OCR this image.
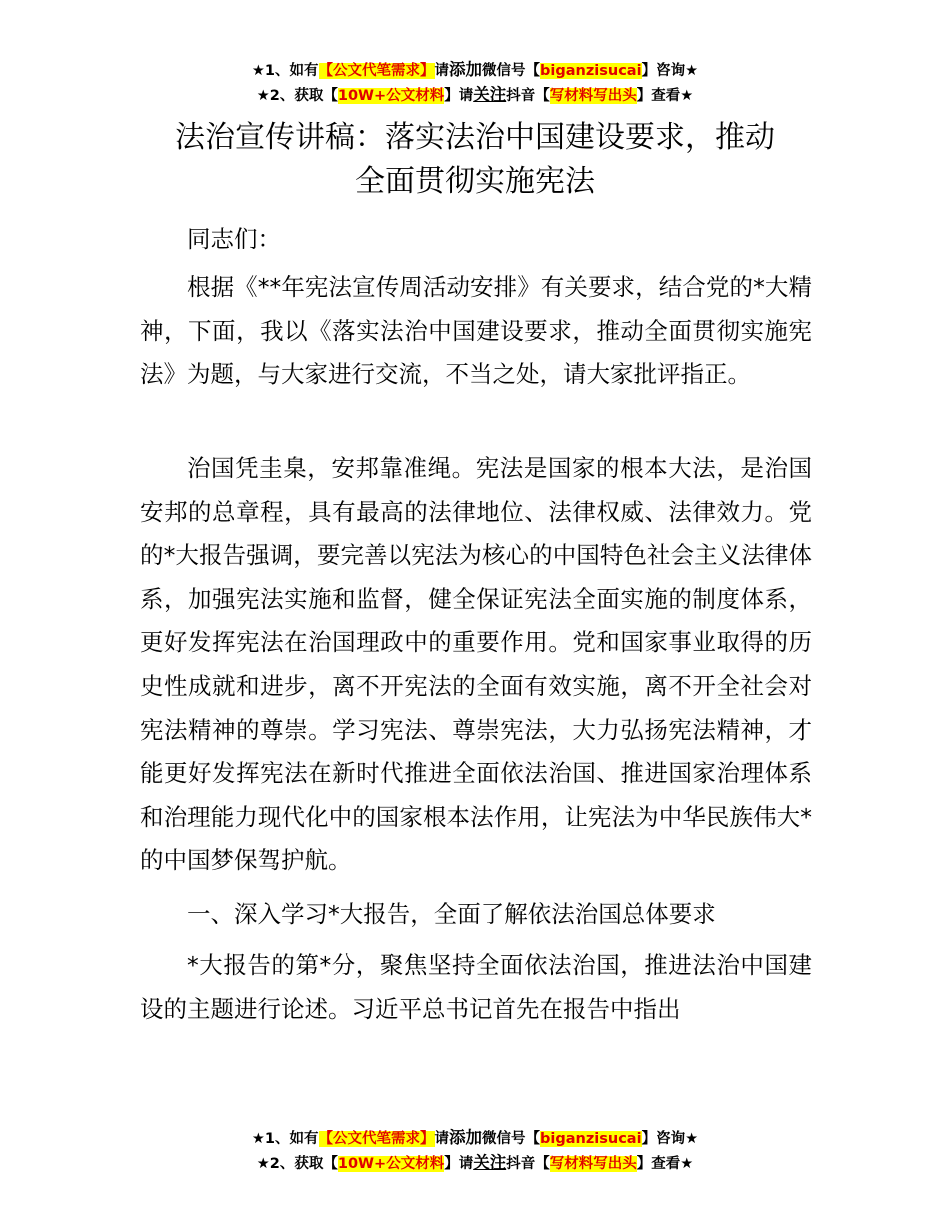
★1、如有【公文代笔需求】请添加微信号【biganzisucai】咨询★
★2、获取【10W+公文材料】请关注抖音【写材料写出头】查看★
法治宣传讲稿：落实法治中国建设要求，推动
全面贯彻实施宪法

同志们：

根据《**年宪法宣传周活动安排》有关要求，结合党的*大精神，下面，我以《落实法治中国建设要求，推动全面贯彻实施宪法》为题，与大家进行交流，不当之处，请大家批评指正。

治国凭圭臬，安邦靠准绳。宪法是国家的根本大法，是治国安邦的总章程，具有最高的法律地位、法律权威、法律效力。党的*大报告强调，要完善以宪法为核心的中国特色社会主义法律体系，加强宪法实施和监督，健全保证宪法全面实施的制度体系，更好发挥宪法在治国理政中的重要作用。党和国家事业取得的历史性成就和进步，离不开宪法的全面有效实施，离不开全社会对宪法精神的尊崇。学习宪法、尊崇宪法，大力弘扬宪法精神，才能更好发挥宪法在新时代推进全面依法治国、推进国家治理体系和治理能力现代化中的国家根本法作用，让宪法为中华民族伟大*的中国梦保驾护航。

一、深入学习*大报告，全面了解依法治国总体要求

*大报告的第*分，聚焦坚持全面依法治国，推进法治中国建设的主题进行论述。习近平总书记首先在报告中指出

★1、如有【公文代笔需求】请添加微信号【biganzisucai】咨询★
★2、获取【10W+公文材料】请关注抖音【写材料写出头】查看★
